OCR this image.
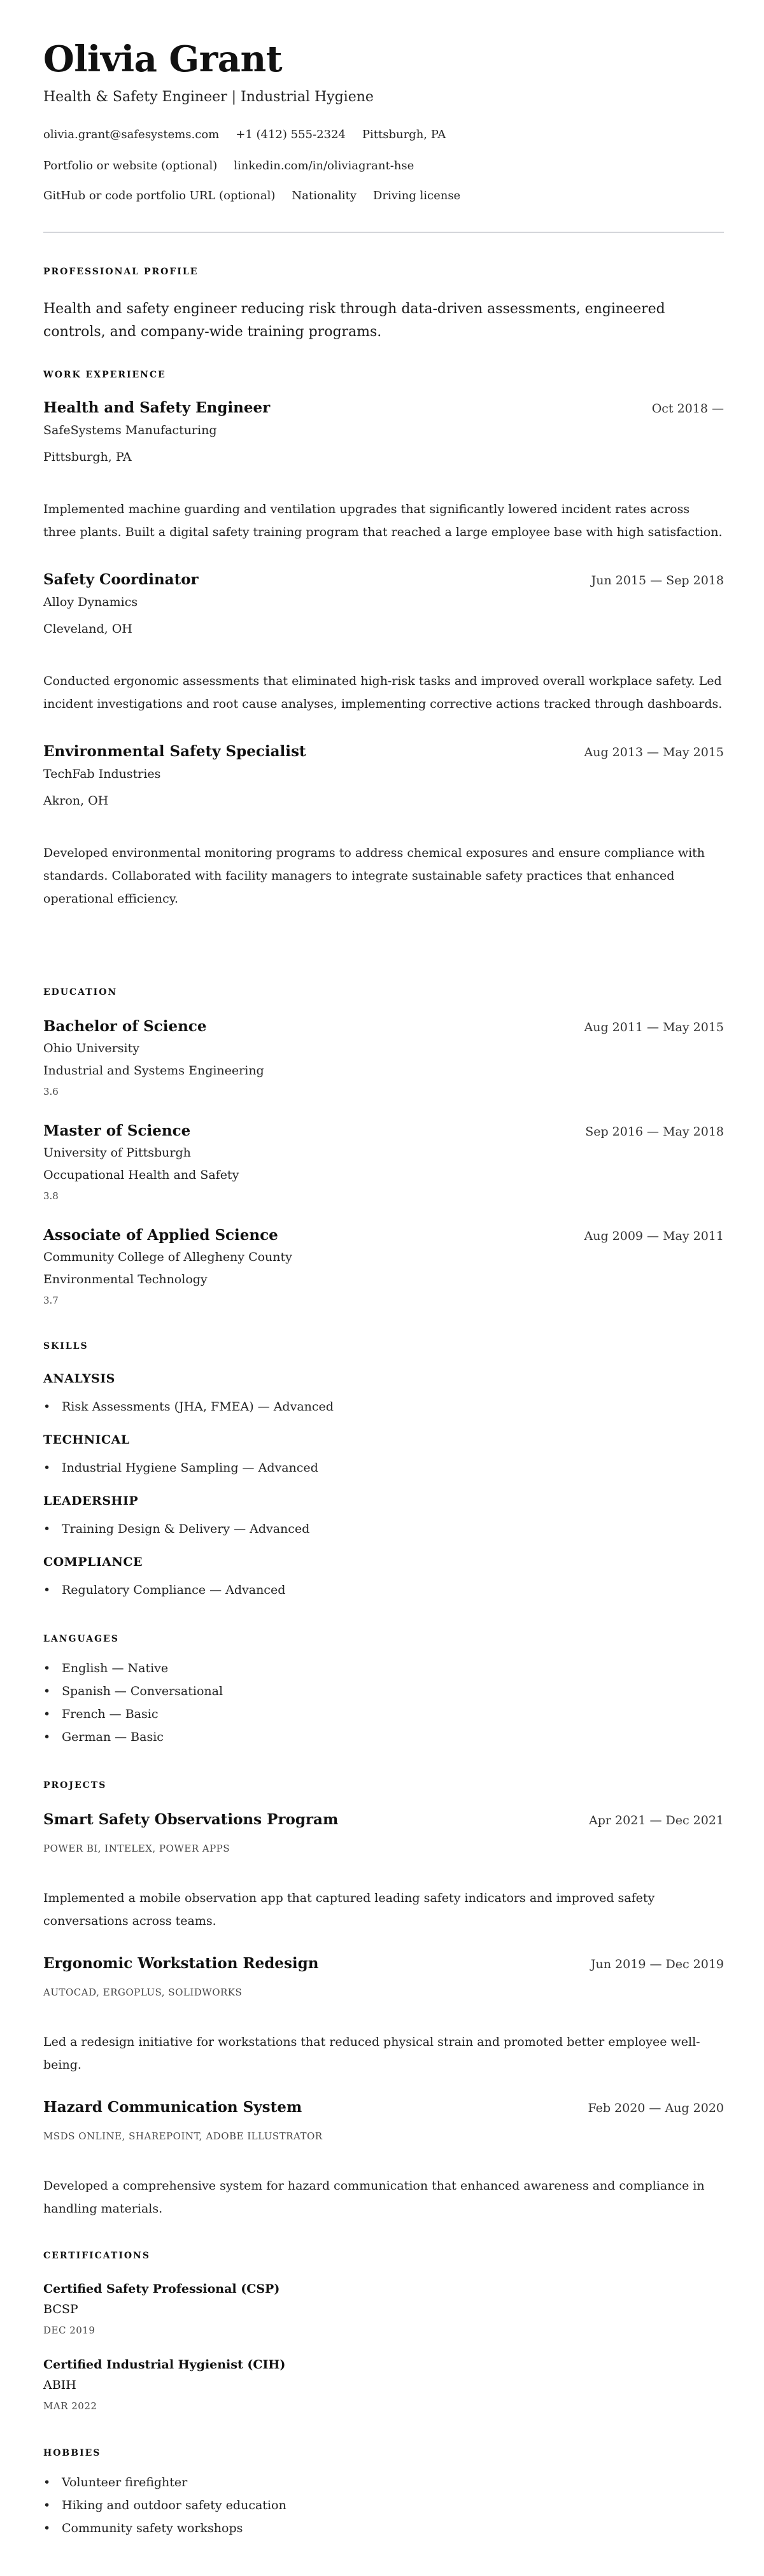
Olivia Grant
Health & Safety Engineer | Industrial Hygiene
olivia.grant@safesystems.com +1 (412) 555-2324 Pittsburgh, PA
Portfolio or website (optional) linkedin.com/in/oliviagrant-hse
GitHub or code portfolio URL (optional) Nationality Driving license
PROFESSIONAL PROFILE
Health and safety engineer reducing risk through data-driven assessments, engineered controls, and company-wide training programs.
WORK EXPERIENCE
Health and Safety Engineer	Oct 2018 —
SafeSystems Manufacturing
Pittsburgh, PA
Implemented machine guarding and ventilation upgrades that significantly lowered incident rates across three plants. Built a digital safety training program that reached a large employee base with high satisfaction.
Safety Coordinator	Jun 2015 — Sep 2018
Alloy Dynamics
Cleveland, OH
Conducted ergonomic assessments that eliminated high-risk tasks and improved overall workplace safety. Led incident investigations and root cause analyses, implementing corrective actions tracked through dashboards.
Environmental Safety Specialist	Aug 2013 — May 2015
TechFab Industries
Akron, OH
Developed environmental monitoring programs to address chemical exposures and ensure compliance with standards. Collaborated with facility managers to integrate sustainable safety practices that enhanced operational efficiency.
EDUCATION
Bachelor of Science	Aug 2011 — May 2015
Ohio University
Industrial and Systems Engineering
3.6
Master of Science	Sep 2016 — May 2018
University of Pittsburgh
Occupational Health and Safety
3.8
Associate of Applied Science	Aug 2009 — May 2011
Community College of Allegheny County
Environmental Technology
3.7
SKILLS
ANALYSIS
• Risk Assessments (JHA, FMEA) — Advanced
TECHNICAL
• Industrial Hygiene Sampling — Advanced
LEADERSHIP
• Training Design & Delivery — Advanced
COMPLIANCE
• Regulatory Compliance — Advanced
LANGUAGES
• English — Native
• Spanish — Conversational
• French — Basic
• German — Basic
PROJECTS
Smart Safety Observations Program	Apr 2021 — Dec 2021
POWER BI, INTELEX, POWER APPS
Implemented a mobile observation app that captured leading safety indicators and improved safety conversations across teams.
Ergonomic Workstation Redesign	Jun 2019 — Dec 2019
AUTOCAD, ERGOPLUS, SOLIDWORKS
Led a redesign initiative for workstations that reduced physical strain and promoted better employee well-being.
Hazard Communication System	Feb 2020 — Aug 2020
MSDS ONLINE, SHAREPOINT, ADOBE ILLUSTRATOR
Developed a comprehensive system for hazard communication that enhanced awareness and compliance in handling materials.
CERTIFICATIONS
Certified Safety Professional (CSP)
BCSP
DEC 2019
Certified Industrial Hygienist (CIH)
ABIH
MAR 2022
HOBBIES
• Volunteer firefighter
• Hiking and outdoor safety education
• Community safety workshops
